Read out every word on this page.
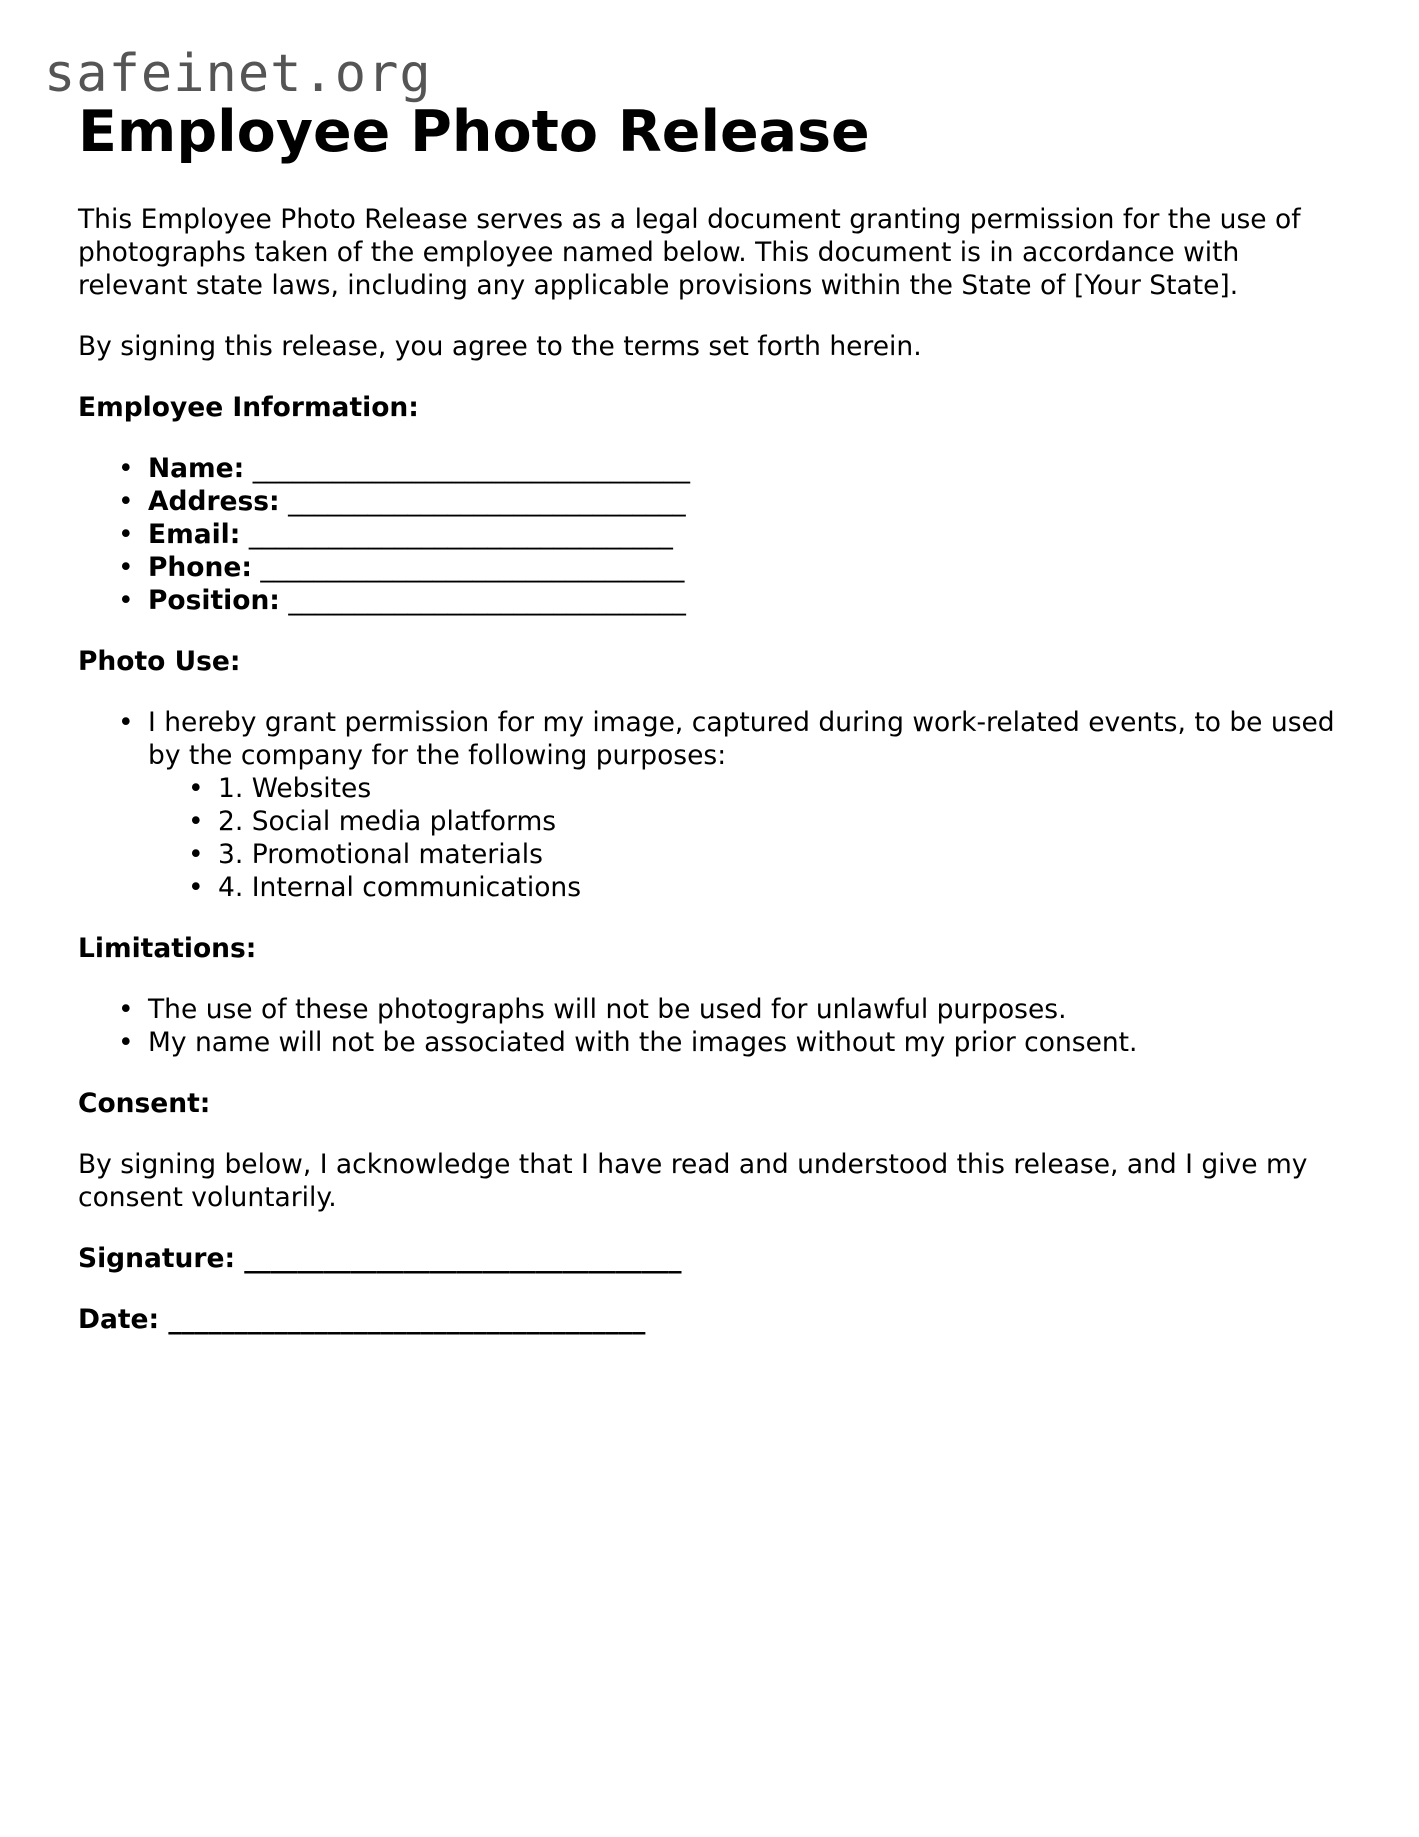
safeinet.org
Employee Photo Release

This Employee Photo Release serves as a legal document granting permission for the use of photographs taken of the employee named below. This document is in accordance with relevant state laws, including any applicable provisions within the State of [Your State].

By signing this release, you agree to the terms set forth herein.

Employee Information:

• Name: _________________________________
• Address: ______________________________
• Email: ________________________________
• Phone: ________________________________
• Position: ______________________________

Photo Use:

• I hereby grant permission for my image, captured during work-related events, to be used by the company for the following purposes:
• 1. Websites
• 2. Social media platforms
• 3. Promotional materials
• 4. Internal communications

Limitations:

• The use of these photographs will not be used for unlawful purposes.
• My name will not be associated with the images without my prior consent.

Consent:

By signing below, I acknowledge that I have read and understood this release, and I give my consent voluntarily.

Signature: _________________________________

Date: ____________________________________
